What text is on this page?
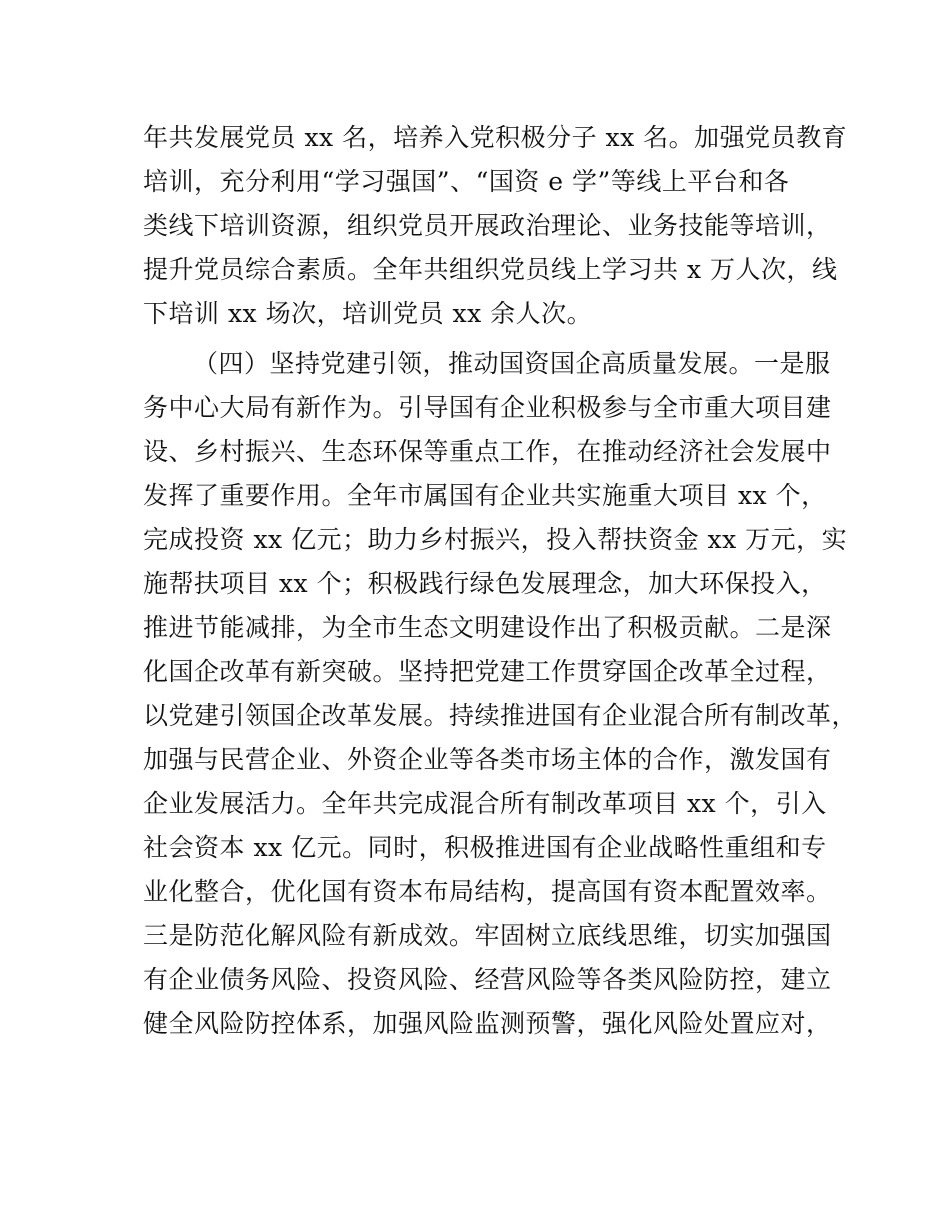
年共发展党员 xx 名，培养入党积极分子 xx 名。加强党员教育
培训，充分利用“学习强国”、“国资 e 学”等线上平台和各
类线下培训资源，组织党员开展政治理论、业务技能等培训，
提升党员综合素质。全年共组织党员线上学习共 x 万人次，线
下培训 xx 场次，培训党员 xx 余人次。
（四）坚持党建引领，推动国资国企高质量发展。一是服
务中心大局有新作为。引导国有企业积极参与全市重大项目建
设、乡村振兴、生态环保等重点工作，在推动经济社会发展中
发挥了重要作用。全年市属国有企业共实施重大项目 xx 个，
完成投资 xx 亿元；助力乡村振兴，投入帮扶资金 xx 万元，实
施帮扶项目 xx 个；积极践行绿色发展理念，加大环保投入，
推进节能减排，为全市生态文明建设作出了积极贡献。二是深
化国企改革有新突破。坚持把党建工作贯穿国企改革全过程，
以党建引领国企改革发展。持续推进国有企业混合所有制改革，
加强与民营企业、外资企业等各类市场主体的合作，激发国有
企业发展活力。全年共完成混合所有制改革项目 xx 个，引入
社会资本 xx 亿元。同时，积极推进国有企业战略性重组和专
业化整合，优化国有资本布局结构，提高国有资本配置效率。
三是防范化解风险有新成效。牢固树立底线思维，切实加强国
有企业债务风险、投资风险、经营风险等各类风险防控，建立
健全风险防控体系，加强风险监测预警，强化风险处置应对，
